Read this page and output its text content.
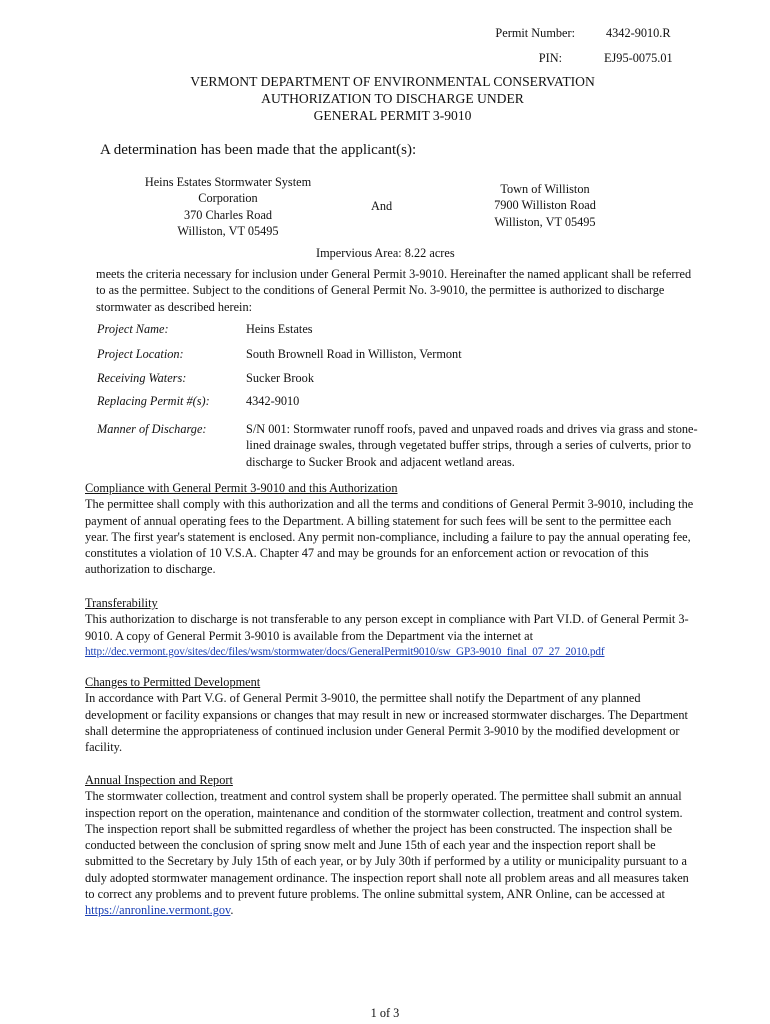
Permit Number:	4342-9010.R
PIN:	EJ95-0075.01
VERMONT DEPARTMENT OF ENVIRONMENTAL CONSERVATION
AUTHORIZATION TO DISCHARGE UNDER
GENERAL PERMIT 3-9010
A determination has been made that the applicant(s):
Heins Estates Stormwater System
Corporation
370 Charles Road
Williston, VT 05495
And
Town of Williston
7900 Williston Road
Williston, VT 05495
Impervious Area: 8.22 acres

meets the criteria necessary for inclusion under General Permit 3-9010. Hereinafter the named applicant shall be referred to as the permittee. Subject to the conditions of General Permit No. 3-9010, the permittee is authorized to discharge stormwater as described herein:

Project Name:	Heins Estates
Project Location:	South Brownell Road in Williston, Vermont
Receiving Waters:	Sucker Brook
Replacing Permit #(s):	4342-9010
Manner of Discharge:	S/N 001: Stormwater runoff roofs, paved and unpaved roads and drives via grass and stone-lined drainage swales, through vegetated buffer strips, through a series of culverts, prior to discharge to Sucker Brook and adjacent wetland areas.

Compliance with General Permit 3-9010 and this Authorization

The permittee shall comply with this authorization and all the terms and conditions of General Permit 3-9010, including the payment of annual operating fees to the Department. A billing statement for such fees will be sent to the permittee each year. The first year's statement is enclosed. Any permit non-compliance, including a failure to pay the annual operating fee, constitutes a violation of 10 V.S.A. Chapter 47 and may be grounds for an enforcement action or revocation of this authorization to discharge.

Transferability

This authorization to discharge is not transferable to any person except in compliance with Part VI.D. of General Permit 3-9010. A copy of General Permit 3-9010 is available from the Department via the internet at

http://dec.vermont.gov/sites/dec/files/wsm/stormwater/docs/GeneralPermit9010/sw_GP3-9010_final_07_27_2010.pdf
Changes to Permitted Development

In accordance with Part V.G. of General Permit 3-9010, the permittee shall notify the Department of any planned development or facility expansions or changes that may result in new or increased stormwater discharges. The Department shall determine the appropriateness of continued inclusion under General Permit 3-9010 by the modified development or facility.

Annual Inspection and Report

The stormwater collection, treatment and control system shall be properly operated. The permittee shall submit an annual inspection report on the operation, maintenance and condition of the stormwater collection, treatment and control system. The inspection report shall be submitted regardless of whether the project has been constructed. The inspection shall be conducted between the conclusion of spring snow melt and June 15th of each year and the inspection report shall be submitted to the Secretary by July 15th of each year, or by July 30th if performed by a utility or municipality pursuant to a duly adopted stormwater management ordinance. The inspection report shall note all problem areas and all measures taken to correct any problems and to prevent future problems. The online submittal system, ANR Online, can be accessed at https://anronline.vermont.gov.

1 of 3
